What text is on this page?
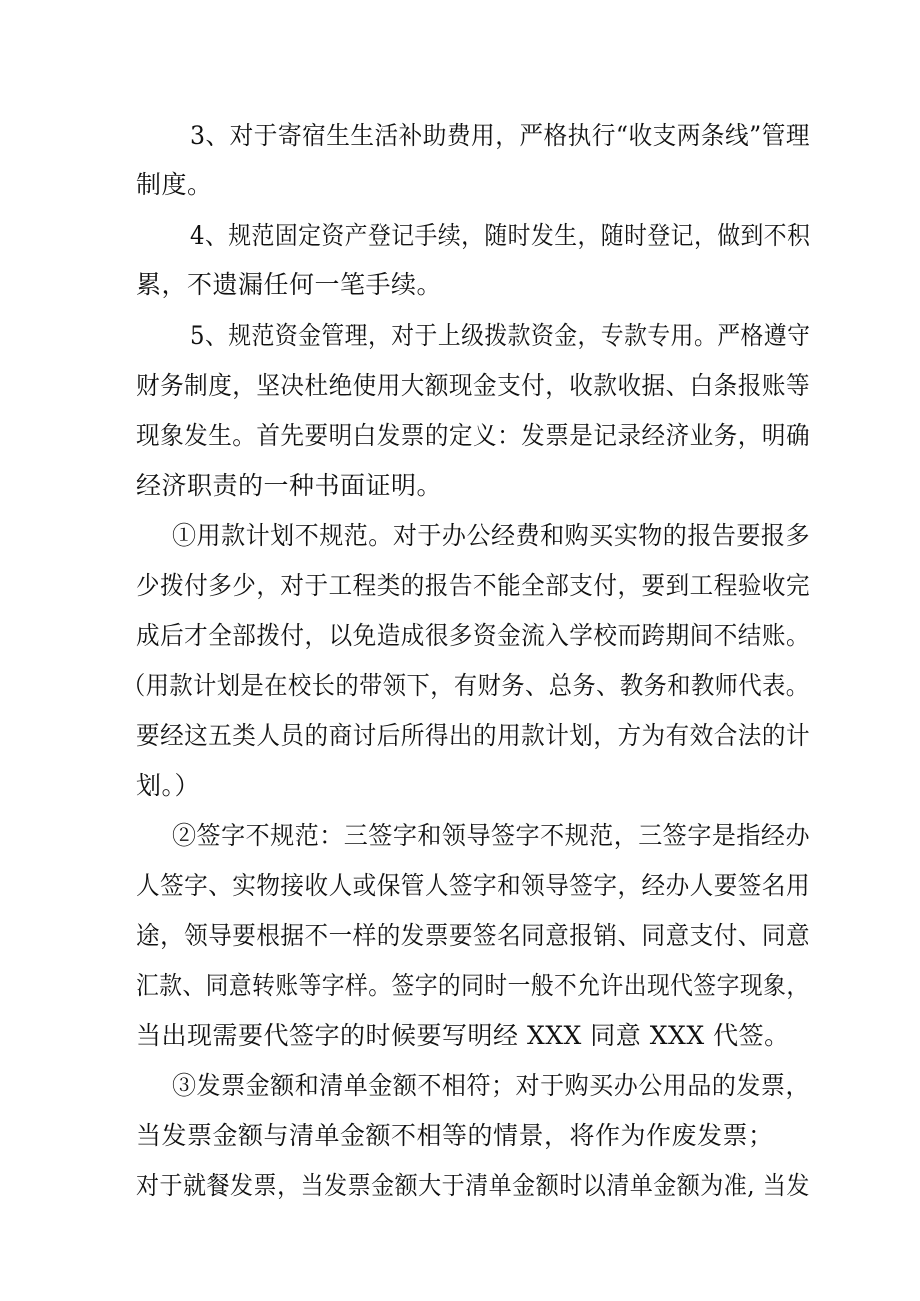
3、对于寄宿生生活补助费用，严格执行“收支两条线”管理

制度。

4、规范固定资产登记手续，随时发生，随时登记，做到不积

累，不遗漏任何一笔手续。

5、规范资金管理，对于上级拨款资金，专款专用。严格遵守

财务制度，坚决杜绝使用大额现金支付，收款收据、白条报账等

现象发生。首先要明白发票的定义：发票是记录经济业务，明确

经济职责的一种书面证明。

①用款计划不规范。对于办公经费和购买实物的报告要报多

少拨付多少，对于工程类的报告不能全部支付，要到工程验收完

成后才全部拨付，以免造成很多资金流入学校而跨期间不结账。

（用款计划是在校长的带领下，有财务、总务、教务和教师代表。

要经这五类人员的商讨后所得出的用款计划，方为有效合法的计

划。）

②签字不规范：三签字和领导签字不规范，三签字是指经办

人签字、实物接收人或保管人签字和领导签字，经办人要签名用

途，领导要根据不一样的发票要签名同意报销、同意支付、同意

汇款、同意转账等字样。签字的同时一般不允许出现代签字现象，

当出现需要代签字的时候要写明经 XXX 同意 XXX 代签。

③发票金额和清单金额不相符；对于购买办公用品的发票，

当发票金额与清单金额不相等的情景，将作为作废发票；

对于就餐发票，当发票金额大于清单金额时以清单金额为准, 当发
